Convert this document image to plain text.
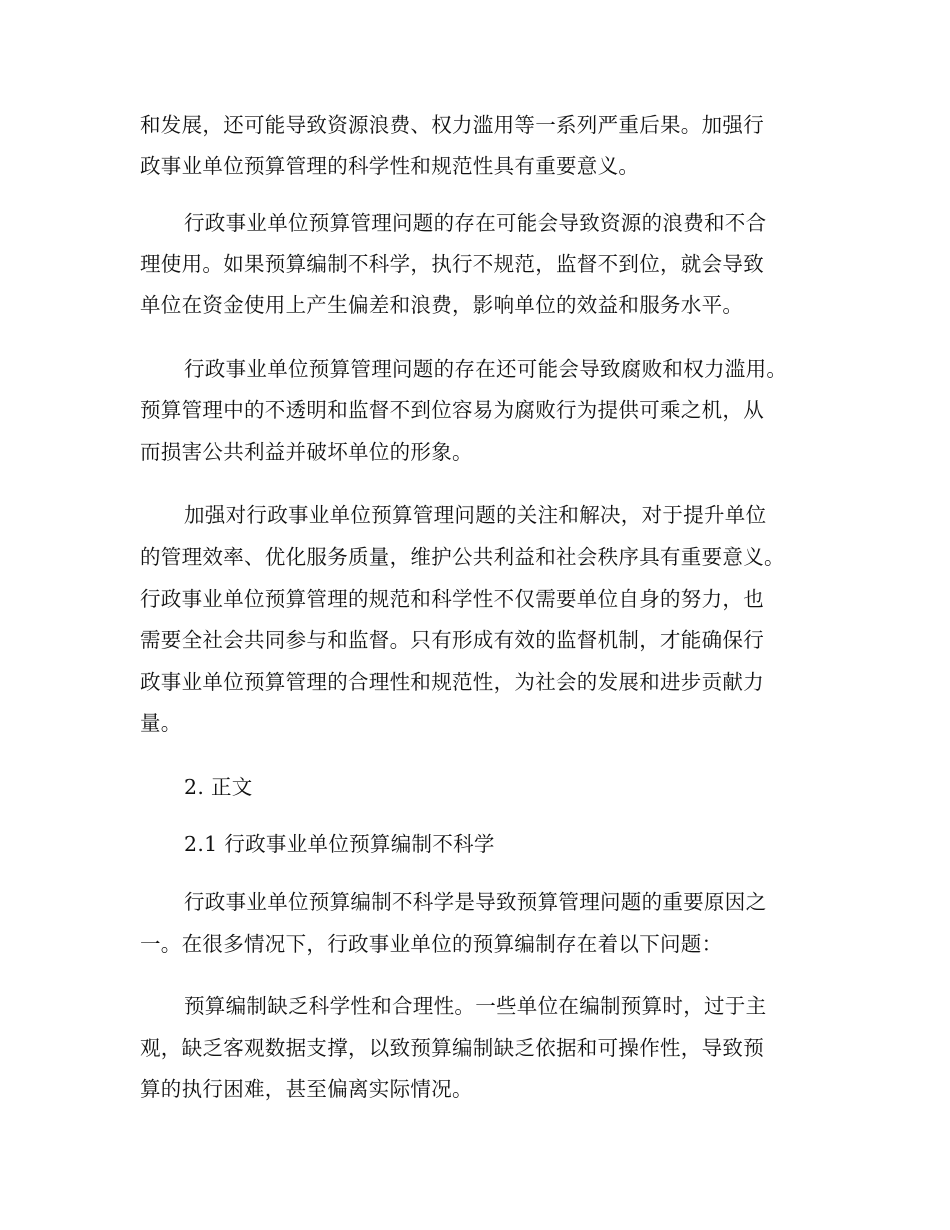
和发展，还可能导致资源浪费、权力滥用等一系列严重后果。加强行
政事业单位预算管理的科学性和规范性具有重要意义。
行政事业单位预算管理问题的存在可能会导致资源的浪费和不合
理使用。如果预算编制不科学，执行不规范，监督不到位，就会导致
单位在资金使用上产生偏差和浪费，影响单位的效益和服务水平。
行政事业单位预算管理问题的存在还可能会导致腐败和权力滥用。
预算管理中的不透明和监督不到位容易为腐败行为提供可乘之机，从
而损害公共利益并破坏单位的形象。
加强对行政事业单位预算管理问题的关注和解决，对于提升单位
的管理效率、优化服务质量，维护公共利益和社会秩序具有重要意义。
行政事业单位预算管理的规范和科学性不仅需要单位自身的努力，也
需要全社会共同参与和监督。只有形成有效的监督机制，才能确保行
政事业单位预算管理的合理性和规范性，为社会的发展和进步贡献力
量。
2. 正文
2.1 行政事业单位预算编制不科学
行政事业单位预算编制不科学是导致预算管理问题的重要原因之
一。在很多情况下，行政事业单位的预算编制存在着以下问题：
预算编制缺乏科学性和合理性。一些单位在编制预算时，过于主
观，缺乏客观数据支撑，以致预算编制缺乏依据和可操作性，导致预
算的执行困难，甚至偏离实际情况。
